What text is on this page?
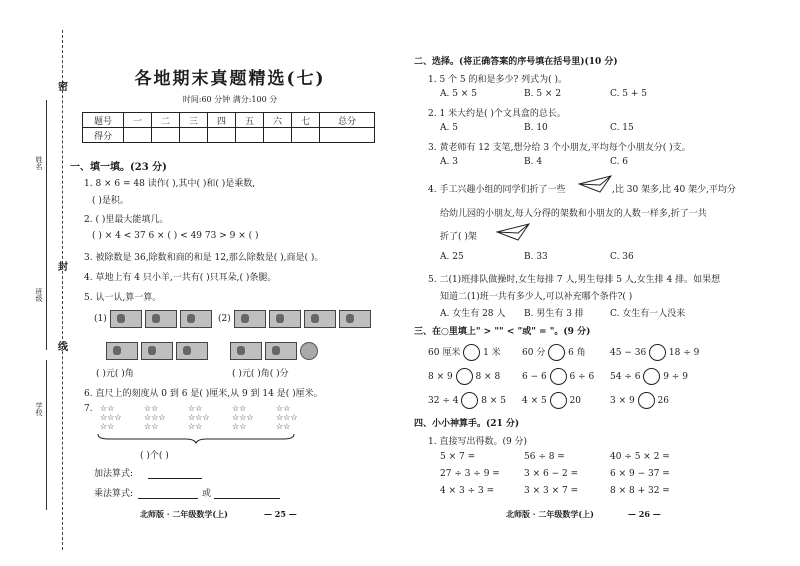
密
封
线
姓名
班级
学校
各地期末真题精选(七)
时间:60 分钟 满分:100 分
题号	一	二	三	四	五	六	七	总分
得分								
一、填一填。(23 分)
1. 8 × 6 = 48 读作( ),其中( )和( )是乘数,
( )是积。
2. ( )里最大能填几。
( ) × 4 < 37 6 × ( ) < 49 73 > 9 × ( )
3. 被除数是 36,除数和商的和是 12,那么除数是( ),商是( )。
4. 草地上有 4 只小羊,一共有( )只耳朵,( )条腿。
5. 认一认,算一算。
(1)	(2)
( )元( )角	( )元( )角( )分
6. 直尺上的刻度从 0 到 6 是( )厘米,从 9 到 14 是( )厘米。
7. ☆☆
☆☆☆
☆☆
☆☆
☆☆☆
☆☆
☆☆
☆☆☆
☆☆
☆☆
☆☆☆
☆☆
☆☆
☆☆☆
☆☆
( )个( )
加法算式:
乘法算式:	或
北师版 · 二年级数学(上)	— 25 —
二、选择。(将正确答案的序号填在括号里)(10 分)
1. 5 个 5 的和是多少? 列式为( )。
A. 5 × 5	B. 5 × 2	C. 5 + 5
2. 1 米大约是( )个文具盒的总长。
A. 5	B. 10	C. 15
3. 黄老师有 12 支笔,想分给 3 个小朋友,平均每个小朋友分( )支。
A. 3	B. 4	C. 6
4. 手工兴趣小组的同学们折了一些	,比 30 架多,比 40 架少,平均分
给幼儿园的小朋友,每人分得的架数和小朋友的人数一样多,折了一共
折了( )架
A. 25	B. 33	C. 36
5. 二(1)班排队做操时,女生每排 7 人,男生每排 5 人,女生排 4 排。如果想
知道二(1)班一共有多少人,可以补充哪个条件?( )
A. 女生有 28 人 B. 男生有 3 排	C. 女生有一人没来
三、在○里填上" > "" < "或" = "。(9 分)
60 厘米	1 米 60 分	6 角	45 − 36	18 ÷ 9
8 × 9	8 × 8 6 − 6	6 ÷ 6 54 ÷ 6	9 ÷ 9
32 ÷ 4	8 × 5 4 × 5	20	3 × 9	26
四、小小神算手。(21 分)
1. 直接写出得数。(9 分)
5 × 7 =	56 ÷ 8 =	40 ÷ 5 × 2 =
27 ÷ 3 ÷ 9 =	3 × 6 − 2 =	6 × 9 − 37 =
4 × 3 ÷ 3 =	3 × 3 × 7 =	8 × 8 + 32 =
北师版 · 二年级数学(上)	— 26 —
